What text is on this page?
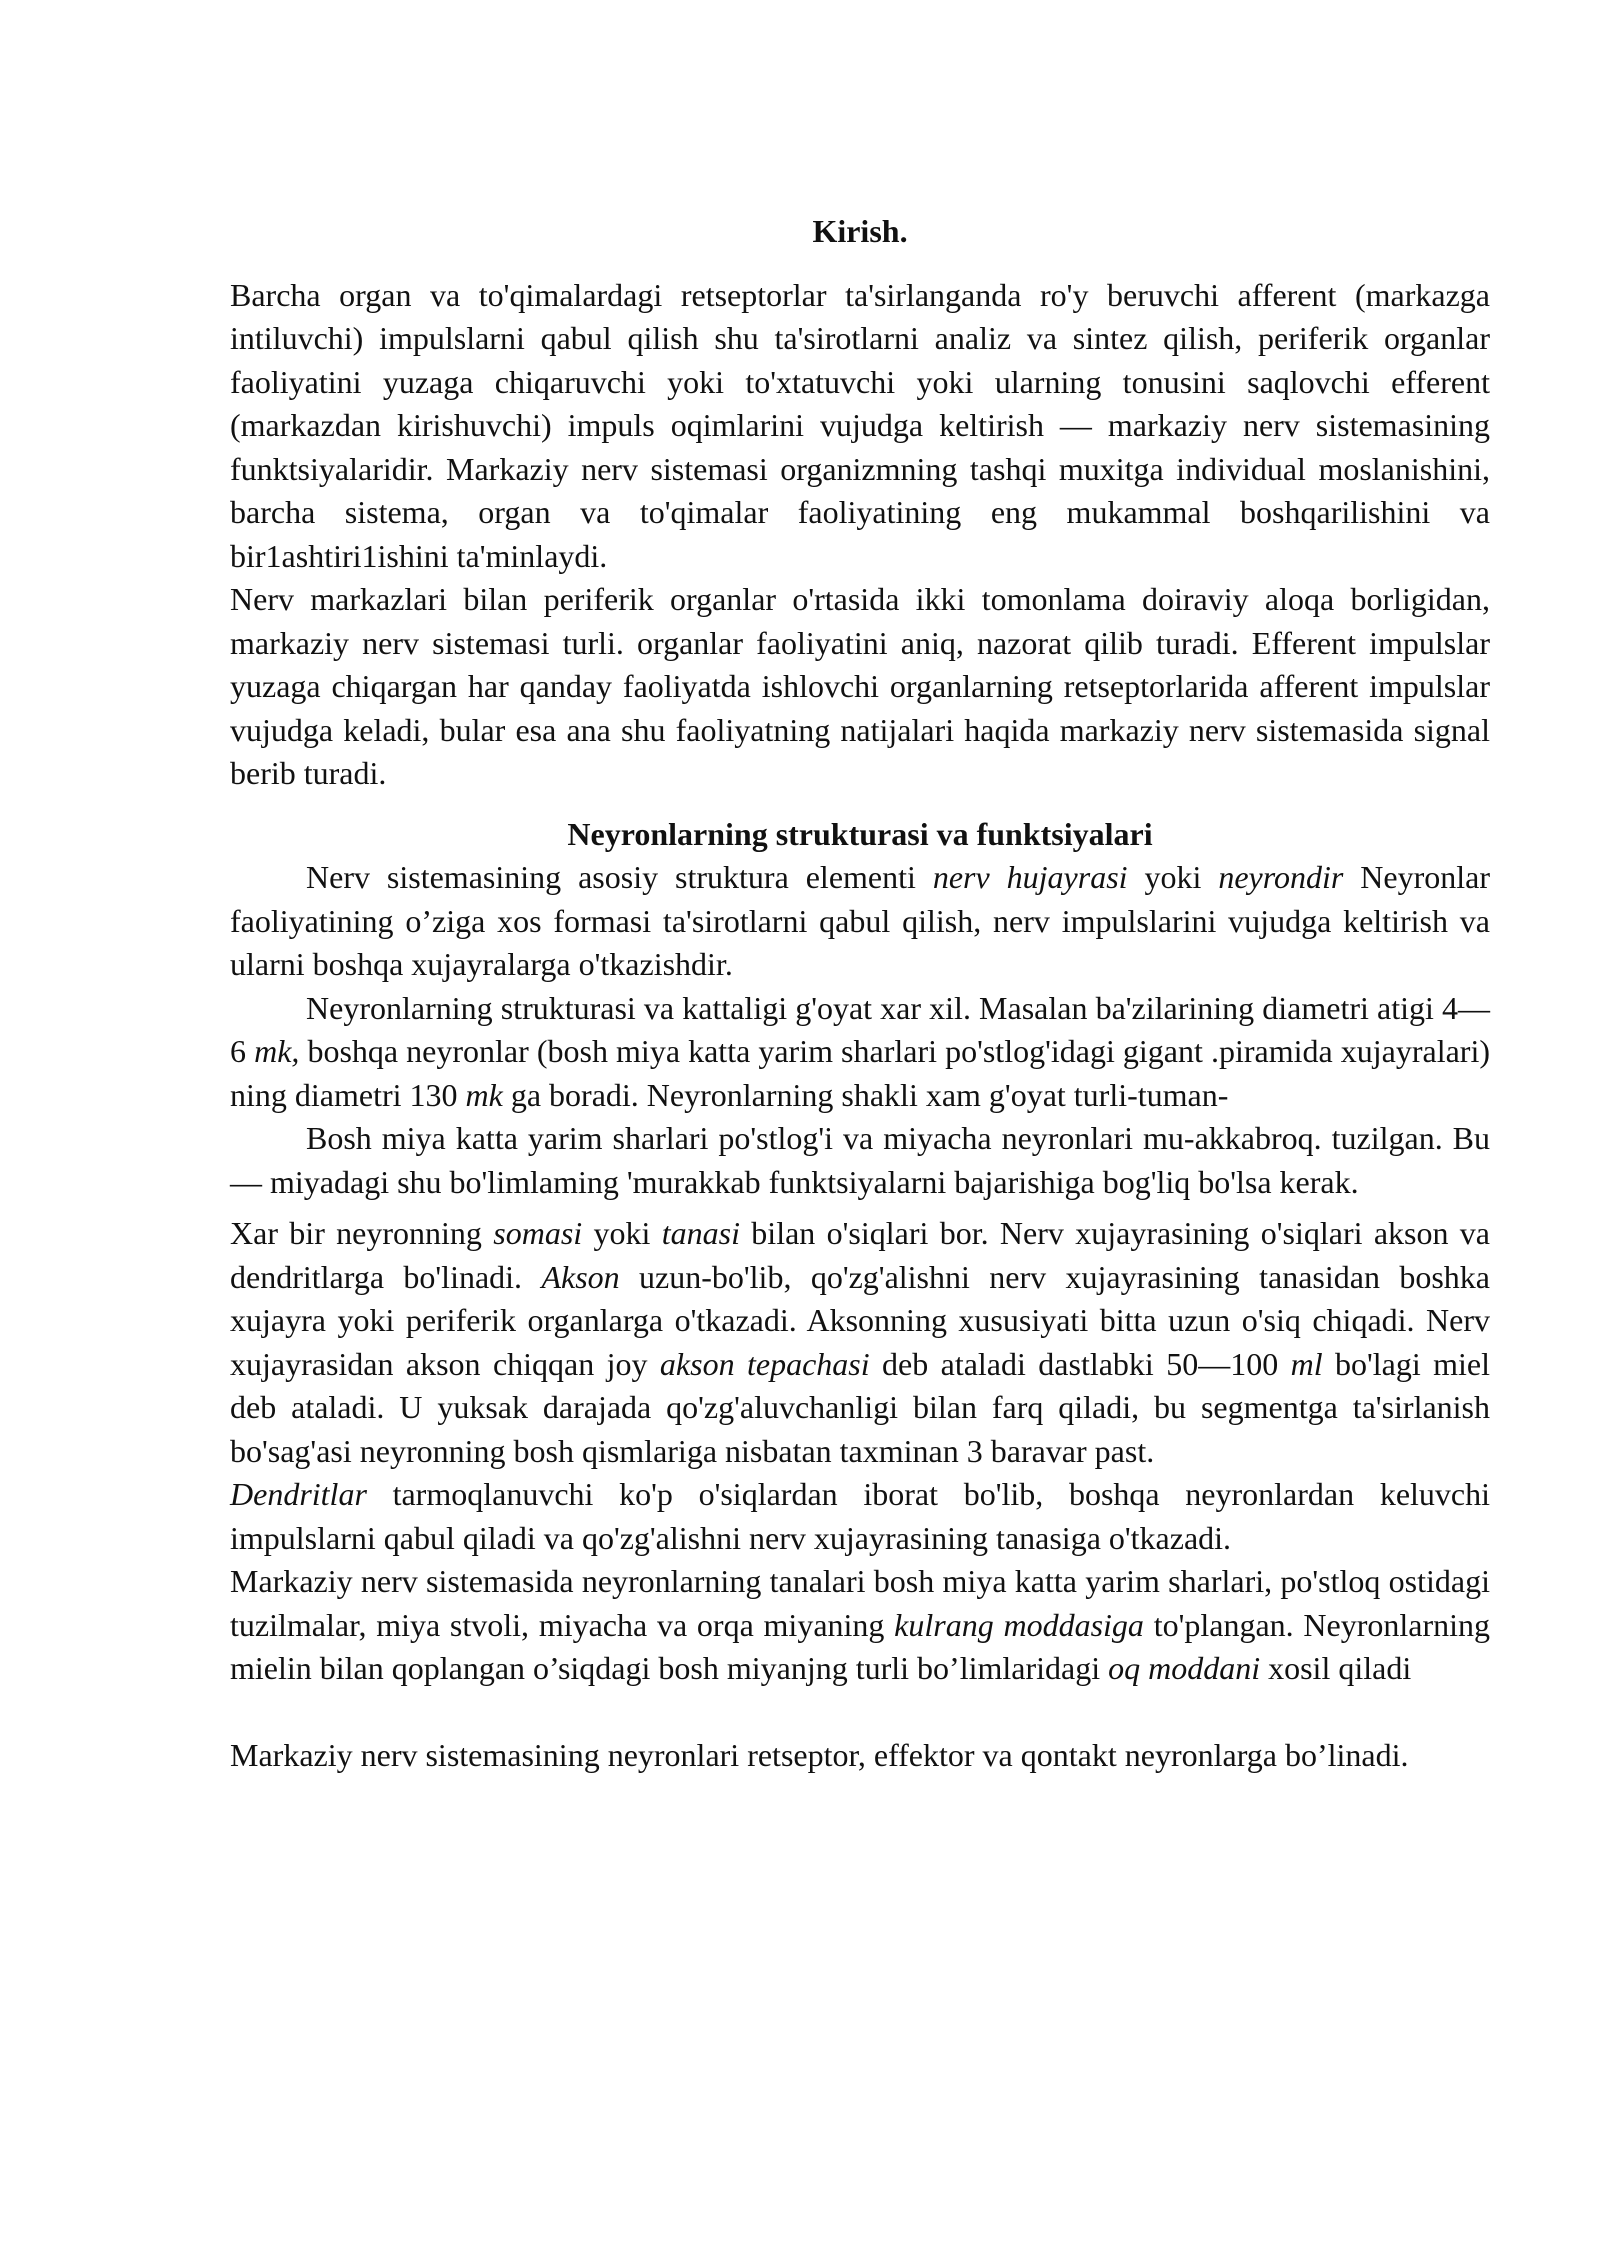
Kirish.

Barcha organ va to'qimalardagi retseptorlar ta'sirlanganda ro'y beruvchi afferent (markazga intiluvchi) impulslarni qabul qilish shu ta'sirotlarni analiz va sintez qilish, periferik organlar faoliyatini yuzaga chiqaruvchi yoki to'xtatuvchi yoki ularning tonusini saqlovchi efferent (markazdan kirishuvchi) impuls oqimlarini vujudga keltirish — markaziy nerv sistemasining funktsiyalaridir. Markaziy nerv sistemasi organizmning tashqi muxitga individual moslanishini, barcha sistema, organ va to'qimalar faoliyatining eng mukammal boshqarilishini va bir1ashtiri1ishini ta'minlaydi.

Nerv markazlari bilan periferik organlar o'rtasida ikki tomonlama doiraviy aloqa borligidan, markaziy nerv sistemasi turli. organlar faoliyatini aniq, nazorat qilib turadi. Efferent impulslar yuzaga chiqargan har qanday faoliyatda ishlovchi organlarning retseptorlarida afferent impulslar vujudga keladi, bular esa ana shu faoliyatning natijalari haqida markaziy nerv sistemasida signal berib turadi.

Neyronlarning strukturasi va funktsiyalari

Nerv sistemasining asosiy struktura elementi nerv hujayrasi yoki neyrondir Neyronlar faoliyatining o’ziga xos formasi ta'sirotlarni qabul qilish, nerv impulslarini vujudga keltirish va ularni boshqa xujayralarga o'tkazishdir.

Neyronlarning strukturasi va kattaligi g'oyat xar xil. Masalan ba'zilarining diametri atigi 4—6 mk, boshqa neyronlar (bosh miya katta yarim sharlari po'stlog'idagi gigant .piramida xujayralari) ning diametri 130 mk ga boradi. Neyronlarning shakli xam g'oyat turli-tuman-

Bosh miya katta yarim sharlari po'stlog'i va miyacha neyronlari mu-akkabroq. tuzilgan. Bu — miyadagi shu bo'limlaming 'murakkab funktsiyalarni bajarishiga bog'liq bo'lsa kerak.

Xar bir neyronning somasi yoki tanasi bilan o'siqlari bor. Nerv xujayrasining o'siqlari akson va dendritlarga bo'linadi. Akson uzun-bo'lib, qo'zg'alishni nerv xujayrasining tanasidan boshka xujayra yoki periferik organlarga o'tkazadi. Aksonning xususiyati bitta uzun o'siq chiqadi. Nerv xujayrasidan akson chiqqan joy akson tepachasi deb ataladi dastlabki 50—100 ml bo'lagi miel deb ataladi. U yuksak darajada qo'zg'aluvchanligi bilan farq qiladi, bu segmentga ta'sirlanish bo'sag'asi neyronning bosh qismlariga nisbatan taxminan 3 baravar past.

Dendritlar tarmoqlanuvchi ko'p o'siqlardan iborat bo'lib, boshqa neyronlardan keluvchi impulslarni qabul qiladi va qo'zg'alishni nerv xujayrasining tanasiga o'tkazadi.

Markaziy nerv sistemasida neyronlarning tanalari bosh miya katta yarim sharlari, po'stloq ostidagi tuzilmalar, miya stvoli, miyacha va orqa miyaning kulrang moddasiga to'plangan. Neyronlarning mielin bilan qoplangan o’siqdagi bosh miyanjng turli bo’limlaridagi oq moddani xosil qiladi

Markaziy nerv sistemasining neyronlari retseptor, effektor va qontakt neyronlarga bo’linadi.
